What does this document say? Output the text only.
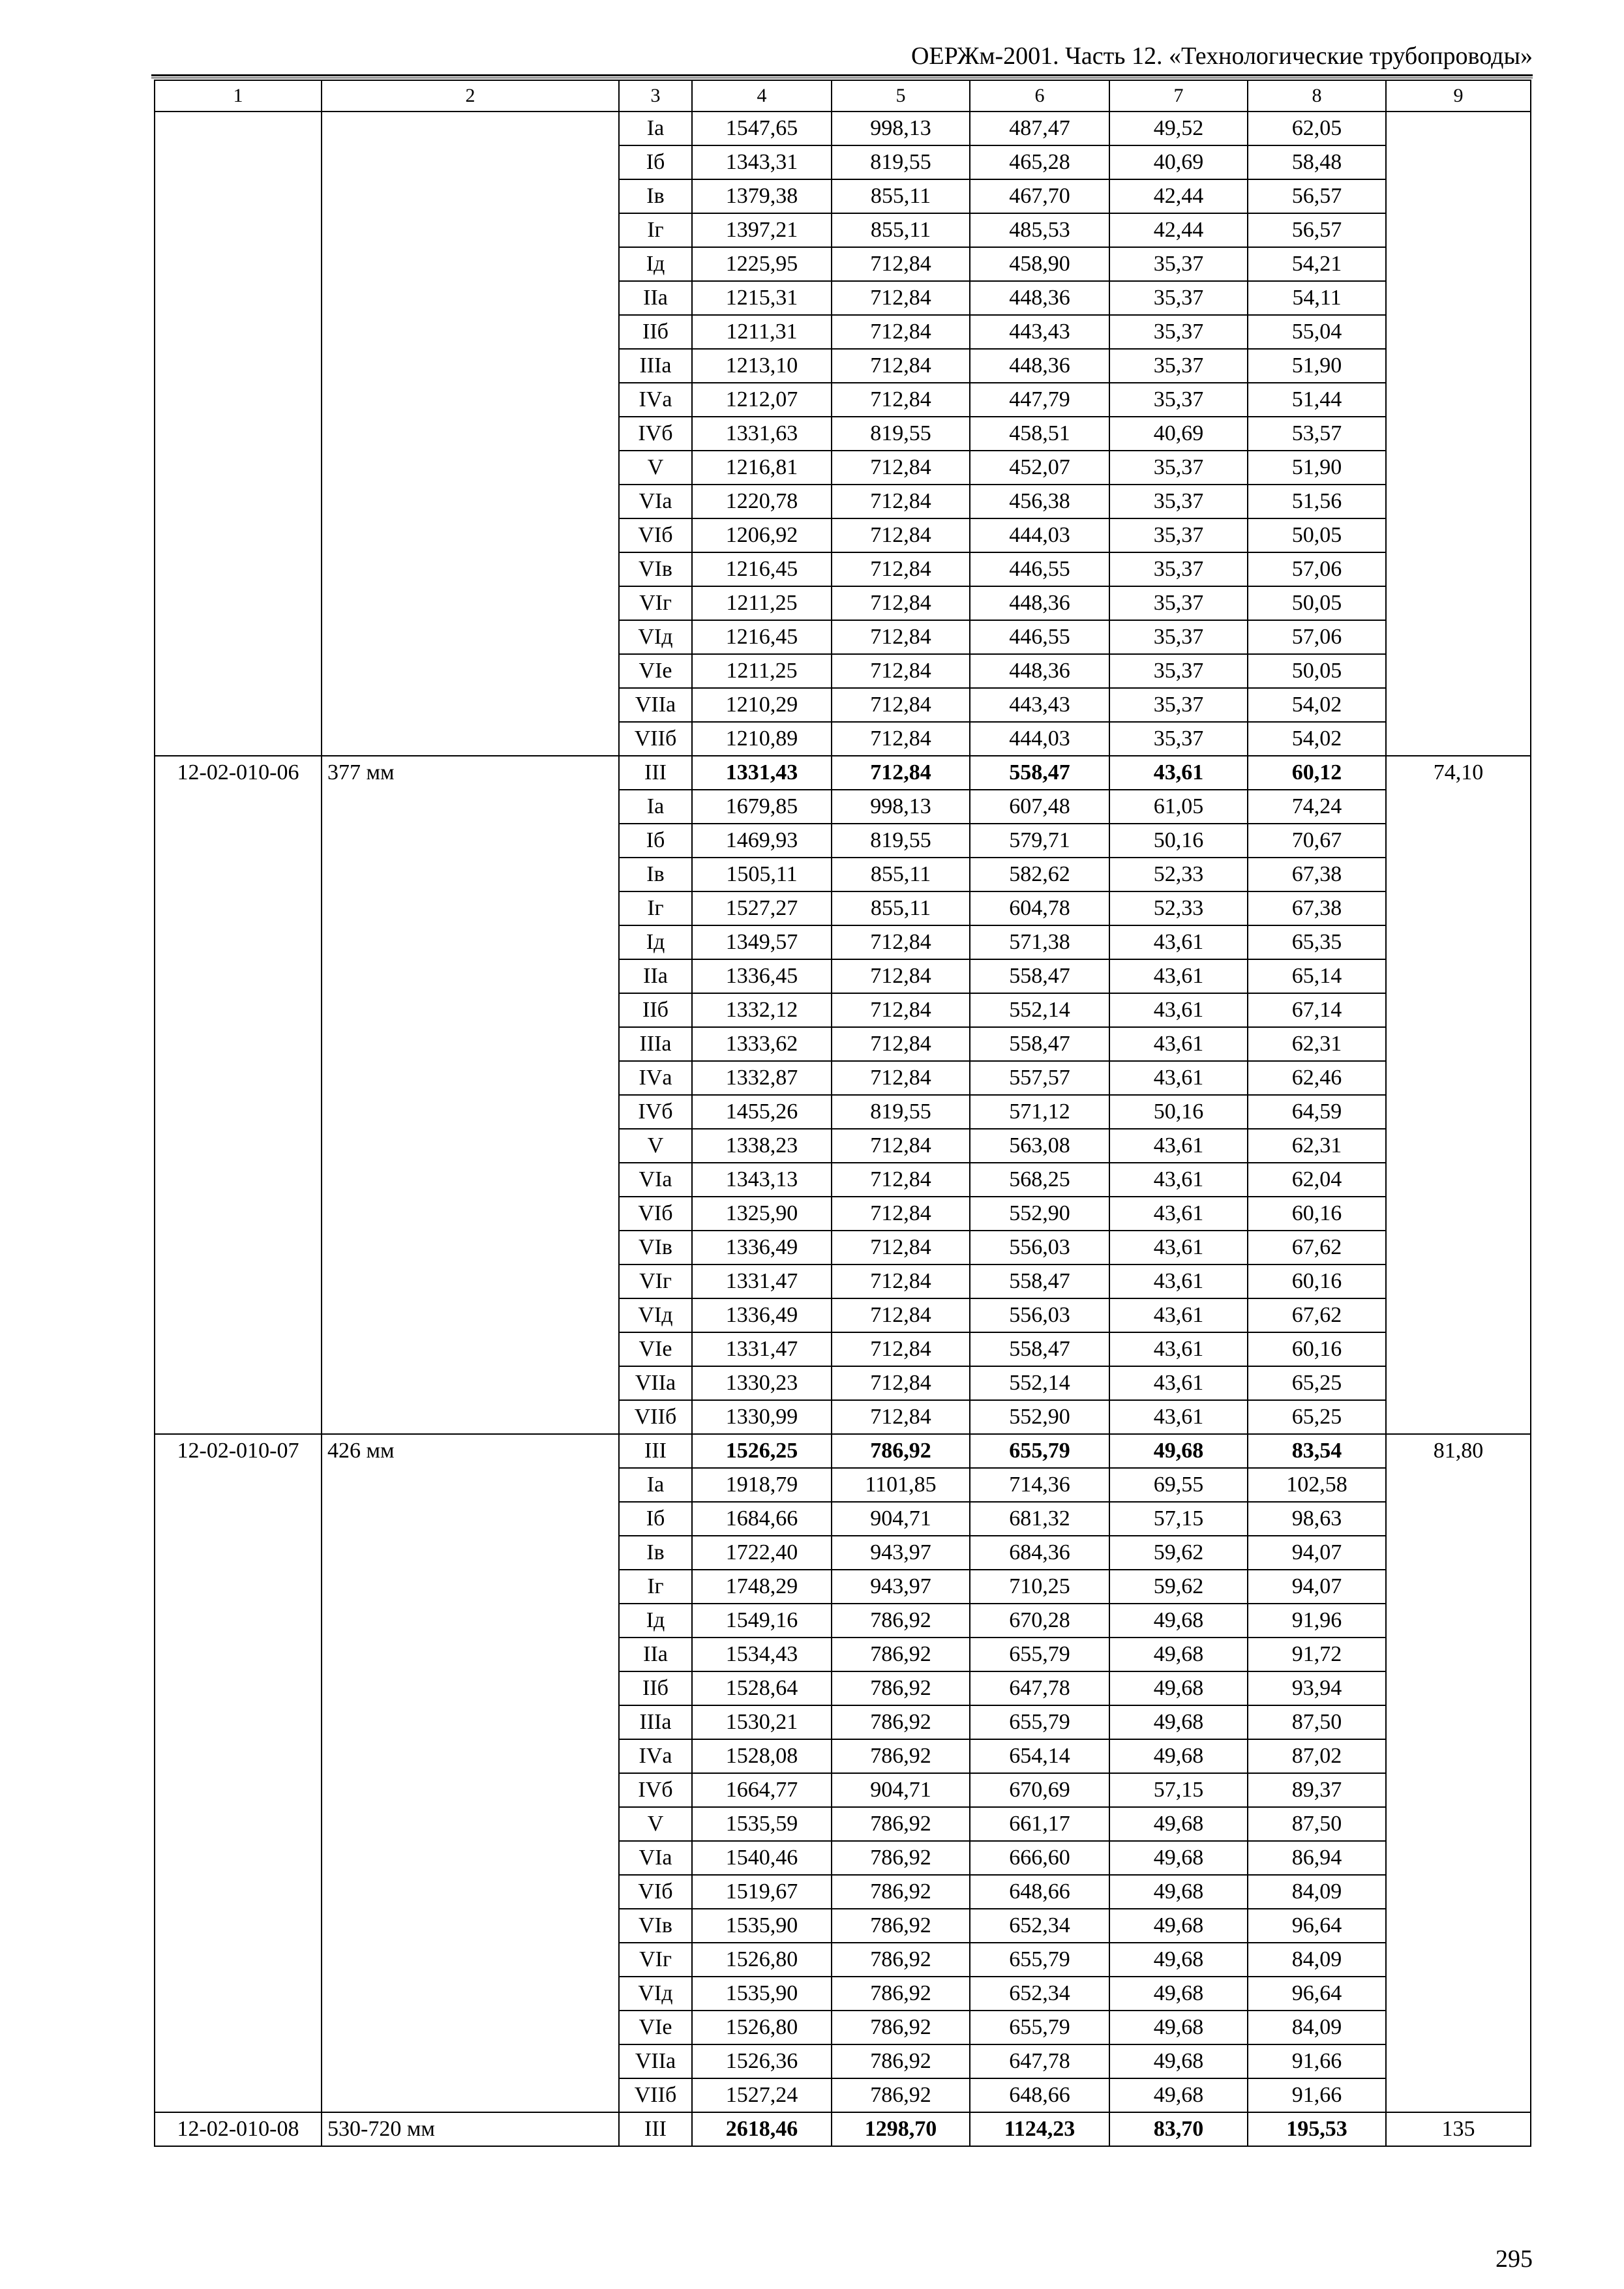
ОЕРЖм-2001. Часть 12. «Технологические трубопроводы»
1	2	3	4	5	6	7	8	9
		Iа	1547,65	998,13	487,47	49,52	62,05	
		Iб	1343,31	819,55	465,28	40,69	58,48	
		Iв	1379,38	855,11	467,70	42,44	56,57	
		Iг	1397,21	855,11	485,53	42,44	56,57	
		Iд	1225,95	712,84	458,90	35,37	54,21	
		IIа	1215,31	712,84	448,36	35,37	54,11	
		IIб	1211,31	712,84	443,43	35,37	55,04	
		IIIа	1213,10	712,84	448,36	35,37	51,90	
		IVа	1212,07	712,84	447,79	35,37	51,44	
		IVб	1331,63	819,55	458,51	40,69	53,57	
		V	1216,81	712,84	452,07	35,37	51,90	
		VIа	1220,78	712,84	456,38	35,37	51,56	
		VIб	1206,92	712,84	444,03	35,37	50,05	
		VIв	1216,45	712,84	446,55	35,37	57,06	
		VIг	1211,25	712,84	448,36	35,37	50,05	
		VIд	1216,45	712,84	446,55	35,37	57,06	
		VIе	1211,25	712,84	448,36	35,37	50,05	
		VIIа	1210,29	712,84	443,43	35,37	54,02	
		VIIб	1210,89	712,84	444,03	35,37	54,02	
12-02-010-06	377 мм	III	1331,43	712,84	558,47	43,61	60,12	74,10
		Iа	1679,85	998,13	607,48	61,05	74,24	
		Iб	1469,93	819,55	579,71	50,16	70,67	
		Iв	1505,11	855,11	582,62	52,33	67,38	
		Iг	1527,27	855,11	604,78	52,33	67,38	
		Iд	1349,57	712,84	571,38	43,61	65,35	
		IIа	1336,45	712,84	558,47	43,61	65,14	
		IIб	1332,12	712,84	552,14	43,61	67,14	
		IIIа	1333,62	712,84	558,47	43,61	62,31	
		IVа	1332,87	712,84	557,57	43,61	62,46	
		IVб	1455,26	819,55	571,12	50,16	64,59	
		V	1338,23	712,84	563,08	43,61	62,31	
		VIа	1343,13	712,84	568,25	43,61	62,04	
		VIб	1325,90	712,84	552,90	43,61	60,16	
		VIв	1336,49	712,84	556,03	43,61	67,62	
		VIг	1331,47	712,84	558,47	43,61	60,16	
		VIд	1336,49	712,84	556,03	43,61	67,62	
		VIе	1331,47	712,84	558,47	43,61	60,16	
		VIIа	1330,23	712,84	552,14	43,61	65,25	
		VIIб	1330,99	712,84	552,90	43,61	65,25	
12-02-010-07	426 мм	III	1526,25	786,92	655,79	49,68	83,54	81,80
		Iа	1918,79	1101,85	714,36	69,55	102,58	
		Iб	1684,66	904,71	681,32	57,15	98,63	
		Iв	1722,40	943,97	684,36	59,62	94,07	
		Iг	1748,29	943,97	710,25	59,62	94,07	
		Iд	1549,16	786,92	670,28	49,68	91,96	
		IIа	1534,43	786,92	655,79	49,68	91,72	
		IIб	1528,64	786,92	647,78	49,68	93,94	
		IIIа	1530,21	786,92	655,79	49,68	87,50	
		IVа	1528,08	786,92	654,14	49,68	87,02	
		IVб	1664,77	904,71	670,69	57,15	89,37	
		V	1535,59	786,92	661,17	49,68	87,50	
		VIа	1540,46	786,92	666,60	49,68	86,94	
		VIб	1519,67	786,92	648,66	49,68	84,09	
		VIв	1535,90	786,92	652,34	49,68	96,64	
		VIг	1526,80	786,92	655,79	49,68	84,09	
		VIд	1535,90	786,92	652,34	49,68	96,64	
		VIе	1526,80	786,92	655,79	49,68	84,09	
		VIIа	1526,36	786,92	647,78	49,68	91,66	
		VIIб	1527,24	786,92	648,66	49,68	91,66	
12-02-010-08	530-720 мм	III	2618,46	1298,70	1124,23	83,70	195,53	135
295
